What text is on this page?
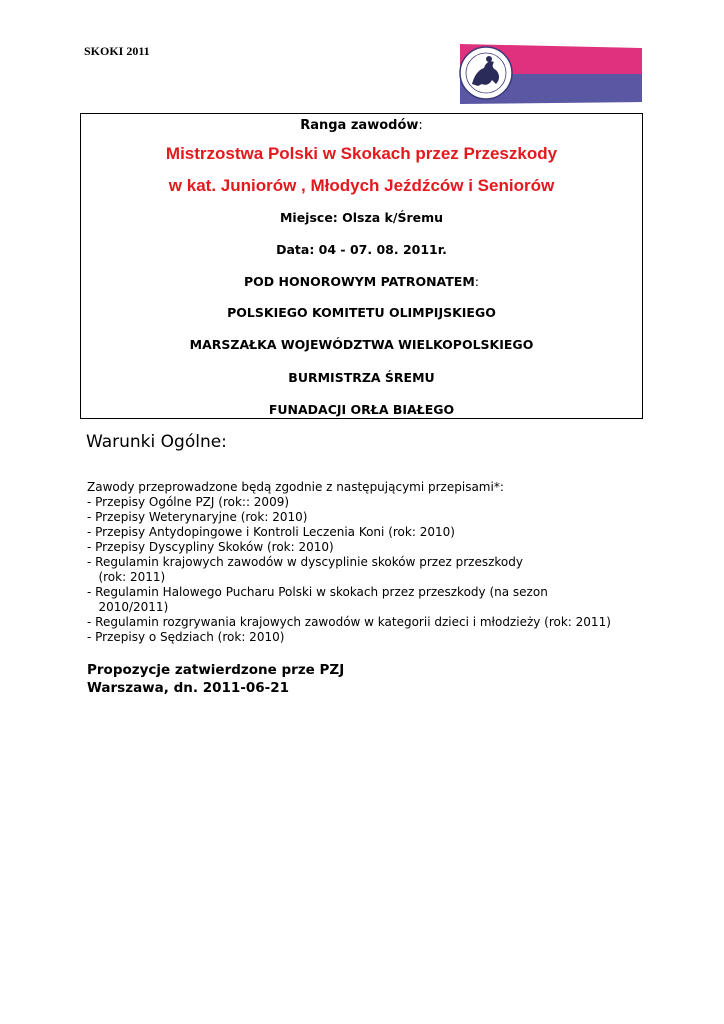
SKOKI 2011
Ranga zawodów:
Mistrzostwa Polski w Skokach przez Przeszkody
w kat. Juniorów , Młodych Jeźdźców i Seniorów
Miejsce: Olsza k/Śremu
Data: 04 - 07. 08. 2011r.
POD HONOROWYM PATRONATEM:
POLSKIEGO KOMITETU OLIMPIJSKIEGO
MARSZAŁKA WOJEWÓDZTWA WIELKOPOLSKIEGO
BURMISTRZA ŚREMU
FUNADACJI ORŁA BIAŁEGO
Warunki Ogólne:
Zawody przeprowadzone będą zgodnie z następującymi przepisami*:
- Przepisy Ogólne PZJ (rok:: 2009)
- Przepisy Weterynaryjne (rok: 2010)
- Przepisy Antydopingowe i Kontroli Leczenia Koni (rok: 2010)
- Przepisy Dyscypliny Skoków (rok: 2010)
- Regulamin krajowych zawodów w dyscyplinie skoków przez przeszkody
(rok: 2011)
- Regulamin Halowego Pucharu Polski w skokach przez przeszkody (na sezon
2010/2011)
- Regulamin rozgrywania krajowych zawodów w kategorii dzieci i młodzieży (rok: 2011)
- Przepisy o Sędziach (rok: 2010)
Propozycje zatwierdzone prze PZJ
Warszawa, dn. 2011-06-21
